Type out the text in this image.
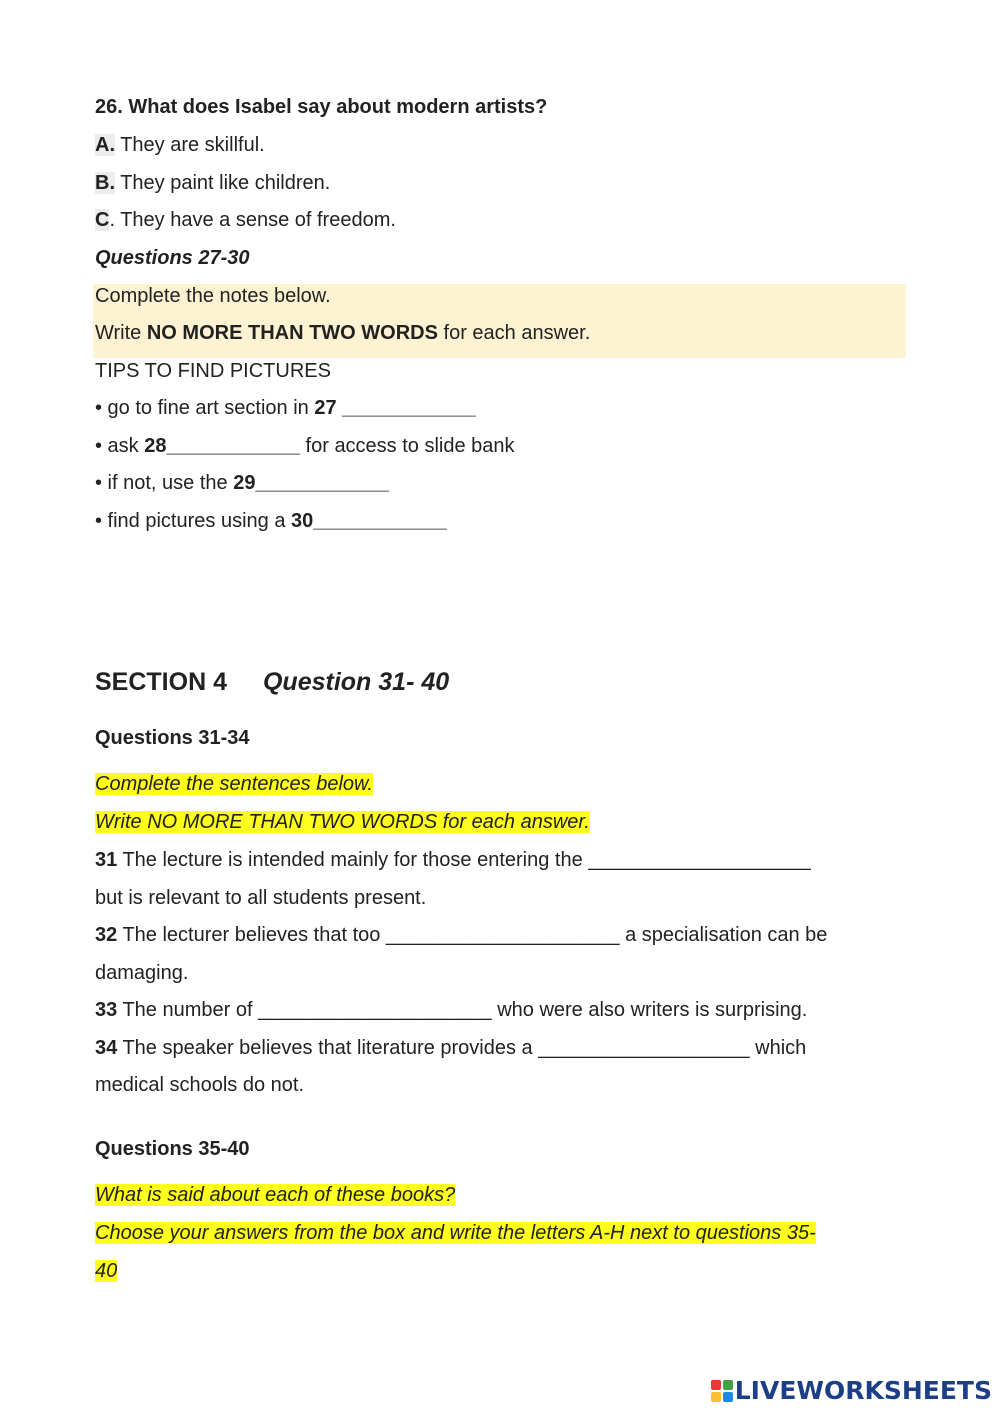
26. What does Isabel say about modern artists?
A. They are skillful.
B. They paint like children.
C. They have a sense of freedom.
Questions 27-30
Complete the notes below.
Write NO MORE THAN TWO WORDS for each answer.
TIPS TO FIND PICTURES
• go to fine art section in 27 ____________
• ask 28____________ for access to slide bank
• if not, use the 29____________
• find pictures using a 30____________
SECTION 4 Question 31- 40
Questions 31-34
Complete the sentences below.
Write NO MORE THAN TWO WORDS for each answer.
31 The lecture is intended mainly for those entering the ____________________
but is relevant to all students present.
32 The lecturer believes that too _____________________ a specialisation can be
damaging.
33 The number of _____________________ who were also writers is surprising.
34 The speaker believes that literature provides a ___________________ which
medical schools do not.
Questions 35-40
What is said about each of these books?
Choose your answers from the box and write the letters A-H next to questions 35-
40
LIVEWORKSHEETS
